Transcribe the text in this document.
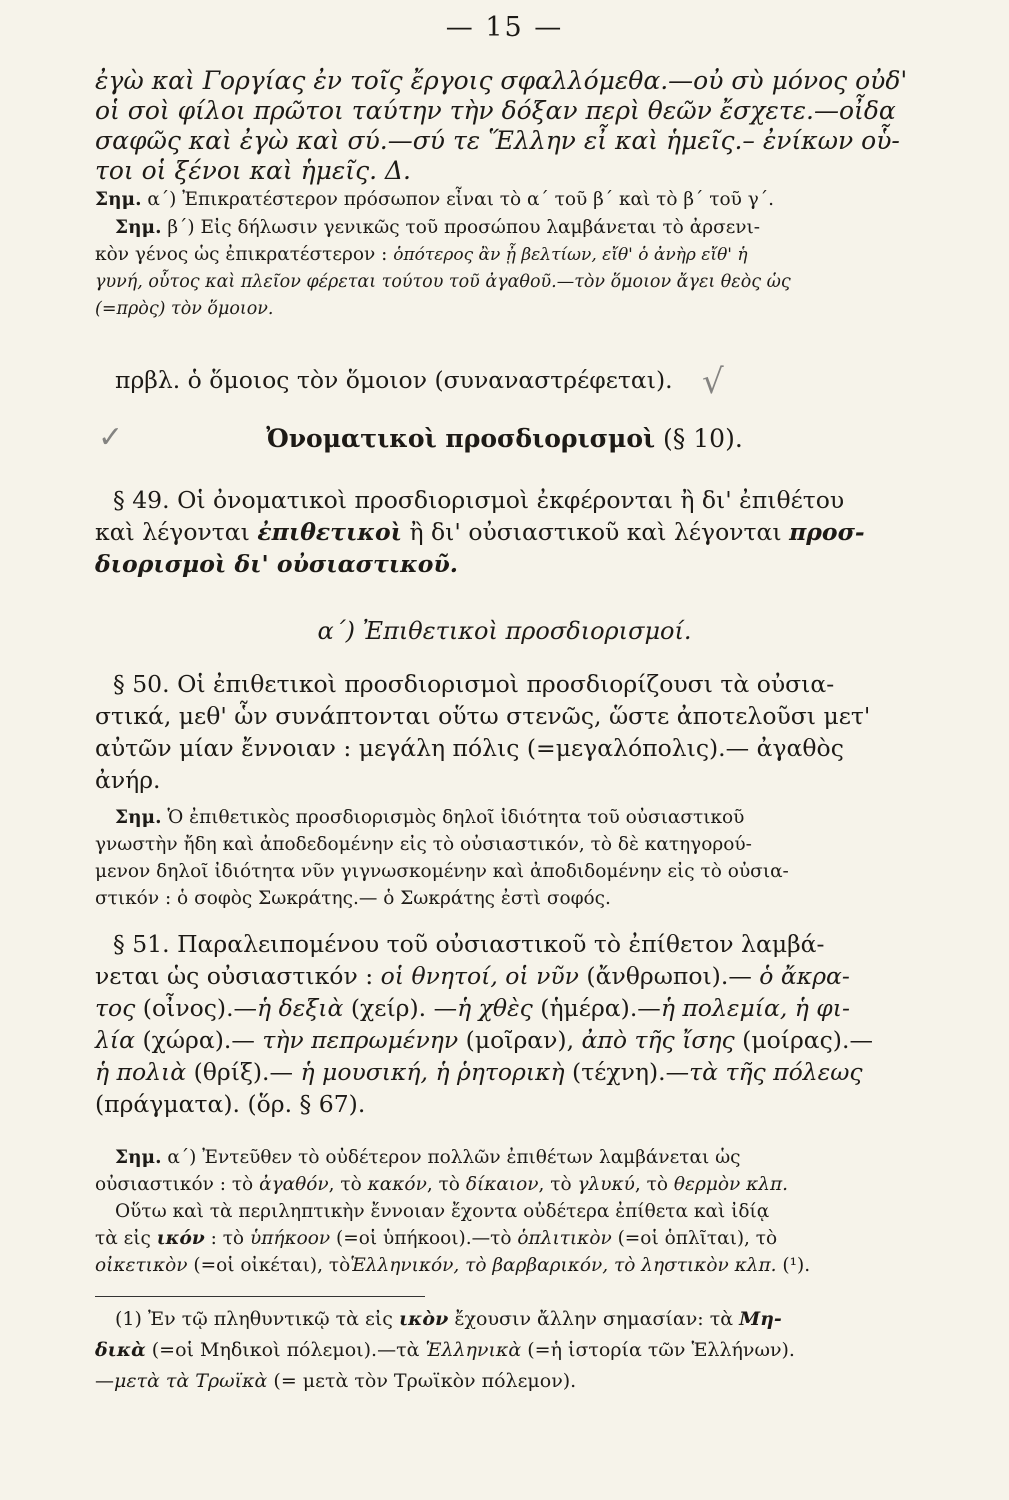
— 15 —
ἐγὼ καὶ Γοργίας ἐν τοῖς ἔργοις σφαλλόμεθα.—οὐ σὺ μόνος οὐδ'
οἱ σοὶ φίλοι πρῶτοι ταύτην τὴν δόξαν περὶ θεῶν ἔσχετε.—οἶδα
σαφῶς καὶ ἐγὼ καὶ σύ.—σύ τε Ἕλλην εἶ καὶ ἡμεῖς.– ἐνίκων οὗ-
τοι οἱ ξένοι καὶ ἡμεῖς. Δ.
Σημ. α΄) Ἐπικρατέστερον πρόσωπον εἶναι τὸ α΄ τοῦ β΄ καὶ τὸ β΄ τοῦ γ΄.
Σημ. β΄) Εἰς δήλωσιν γενικῶς τοῦ προσώπου λαμβάνεται τὸ ἀρσενι-
κὸν γένος ὡς ἐπικρατέστερον : ὁπότερος ἂν ᾖ βελτίων, εἴθ' ὁ ἀνὴρ εἴθ' ἡ
γυνή, οὗτος καὶ πλεῖον φέρεται τούτου τοῦ ἀγαθοῦ.—τὸν ὅμοιον ἄγει θεὸς ὡς
(=πρὸς) τὸν ὅμοιον.
πρβλ. ὁ ὅμοιος τὸν ὅμοιον (συναναστρέφεται). √
✓	Ὀνοματικοὶ προσδιορισμοὶ (§ 10).
§ 49. Οἱ ὀνοματικοὶ προσδιορισμοὶ ἐκφέρονται ἢ δι' ἐπιθέτου
καὶ λέγονται ἐπιθετικοὶ ἢ δι' οὐσιαστικοῦ καὶ λέγονται προσ-
διορισμοὶ δι' οὐσιαστικοῦ.
α΄) Ἐπιθετικοὶ προσδιορισμοί.
§ 50. Οἱ ἐπιθετικοὶ προσδιορισμοὶ προσδιορίζουσι τὰ οὐσια-
στικά, μεθ' ὧν συνάπτονται οὕτω στενῶς, ὥστε ἀποτελοῦσι μετ'
αὐτῶν μίαν ἔννοιαν : μεγάλη πόλις (=μεγαλόπολις).— ἀγαθὸς
ἀνήρ.
Σημ. Ὁ ἐπιθετικὸς προσδιορισμὸς δηλοῖ ἰδιότητα τοῦ οὐσιαστικοῦ
γνωστὴν ἤδη καὶ ἀποδεδομένην εἰς τὸ οὐσιαστικόν, τὸ δὲ κατηγορού-
μενον δηλοῖ ἰδιότητα νῦν γιγνωσκομένην καὶ ἀποδιδομένην εἰς τὸ οὐσια-
στικόν : ὁ σοφὸς Σωκράτης.— ὁ Σωκράτης ἐστὶ σοφός.
§ 51. Παραλειπομένου τοῦ οὐσιαστικοῦ τὸ ἐπίθετον λαμβά-
νεται ὡς οὐσιαστικόν : οἱ θνητοί, οἱ νῦν (ἄνθρωποι).— ὁ ἄκρα-
τος (οἶνος).—ἡ δεξιὰ (χείρ). —ἡ χθὲς (ἡμέρα).—ἡ πολεμία, ἡ φι-
λία (χώρα).— τὴν πεπρωμένην (μοῖραν), ἀπὸ τῆς ἴσης (μοίρας).—
ἡ πολιὰ (θρίξ).— ἡ μουσική, ἡ ῥητορικὴ (τέχνη).—τὰ τῆς πόλεως
(πράγματα). (ὅρ. § 67).
Σημ. α΄) Ἐντεῦθεν τὸ οὐδέτερον πολλῶν ἐπιθέτων λαμβάνεται ὡς
οὐσιαστικόν : τὸ ἀγαθόν, τὸ κακόν, τὸ δίκαιον, τὸ γλυκύ, τὸ θερμὸν κλπ.
Οὕτω καὶ τὰ περιληπτικὴν ἔννοιαν ἔχοντα οὐδέτερα ἐπίθετα καὶ ἰδίᾳ
τὰ εἰς ικόν : τὸ ὑπήκοον (=οἱ ὑπήκοοι).—τὸ ὁπλιτικὸν (=οἱ ὁπλῖται), τὸ
οἰκετικὸν (=οἱ οἰκέται), τὸἙλληνικόν, τὸ βαρβαρικόν, τὸ ληστικὸν κλπ. (¹).
(1) Ἐν τῷ πληθυντικῷ τὰ εἰς ικὸν ἔχουσιν ἄλλην σημασίαν: τὰ Μη-
δικὰ (=οἱ Μηδικοὶ πόλεμοι).—τὰ Ἑλληνικὰ (=ἡ ἱστορία τῶν Ἑλλήνων).
—μετὰ τὰ Τρωϊκὰ (= μετὰ τὸν Τρωϊκὸν πόλεμον).
